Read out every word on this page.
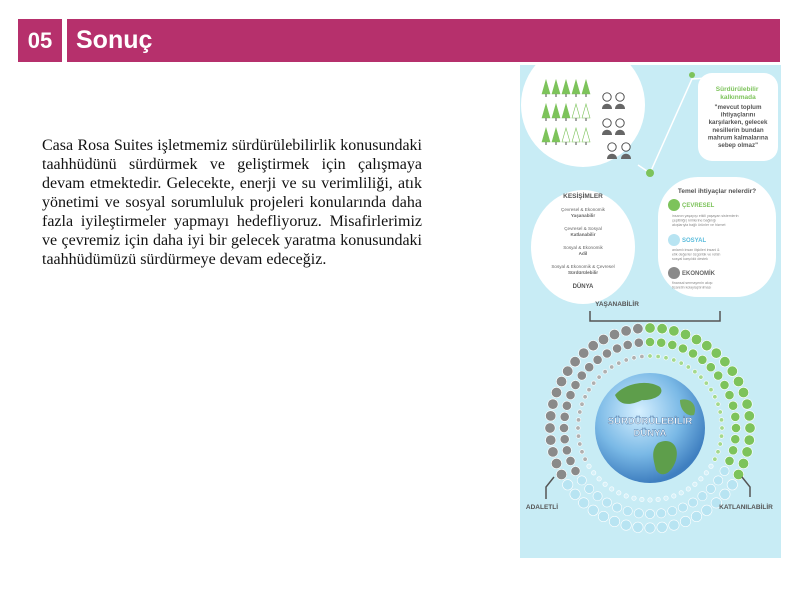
05 Sonuç

Casa Rosa Suites işletmemiz sürdürülebilirlik konusundaki taahhüdünü sürdürmek ve geliştirmek için çalışmaya devam etmektedir. Gelecekte, enerji ve su verimliliği, atık yönetimi ve sosyal sorumluluk projeleri konularında daha fazla iyileştirmeler yapmayı hedefliyoruz. Misafirlerimiz ve çevremiz için daha iyi bir gelecek yaratma konusundaki taahhüdümüzü sürdürmeye devam edeceğiz.

Sürdürülebilir kalkınmada
"mevcut toplum ihtiyaçlarını karşılarken, gelecek nesillerin bundan mahrum kalmalarına sebep olmaz"
KESİŞİMLER
Çevresel & Ekonomik
Yaşanabilir
Çevresel & Sosyal
Katlanabilir
Sosyal & Ekonomik
Adil
Sosyal & Ekonomik & Çevresel
Sürdürülebilir
DÜNYA
Temel ihtiyaçlar nelerdir?
ÇEVRESEL
insanın yaşayışı etkili yaşayan sistemlerin çeşitliliği | kirlilerine bağlılığı akışlarıyla bağlı ürünler ve hizmet
SOSYAL
anlamlı insan ilişkileri insani & etik değerler özgürlük ve refah sosyal karşılıklı destek
EKONOMİK
finansal sermayenin akışı ticaretin kolaylaştırılması
YAŞANABİLİR
SÜRDÜRÜLEBİLİR
DÜNYA
ADALETLİ	KATLANILABİLİR
